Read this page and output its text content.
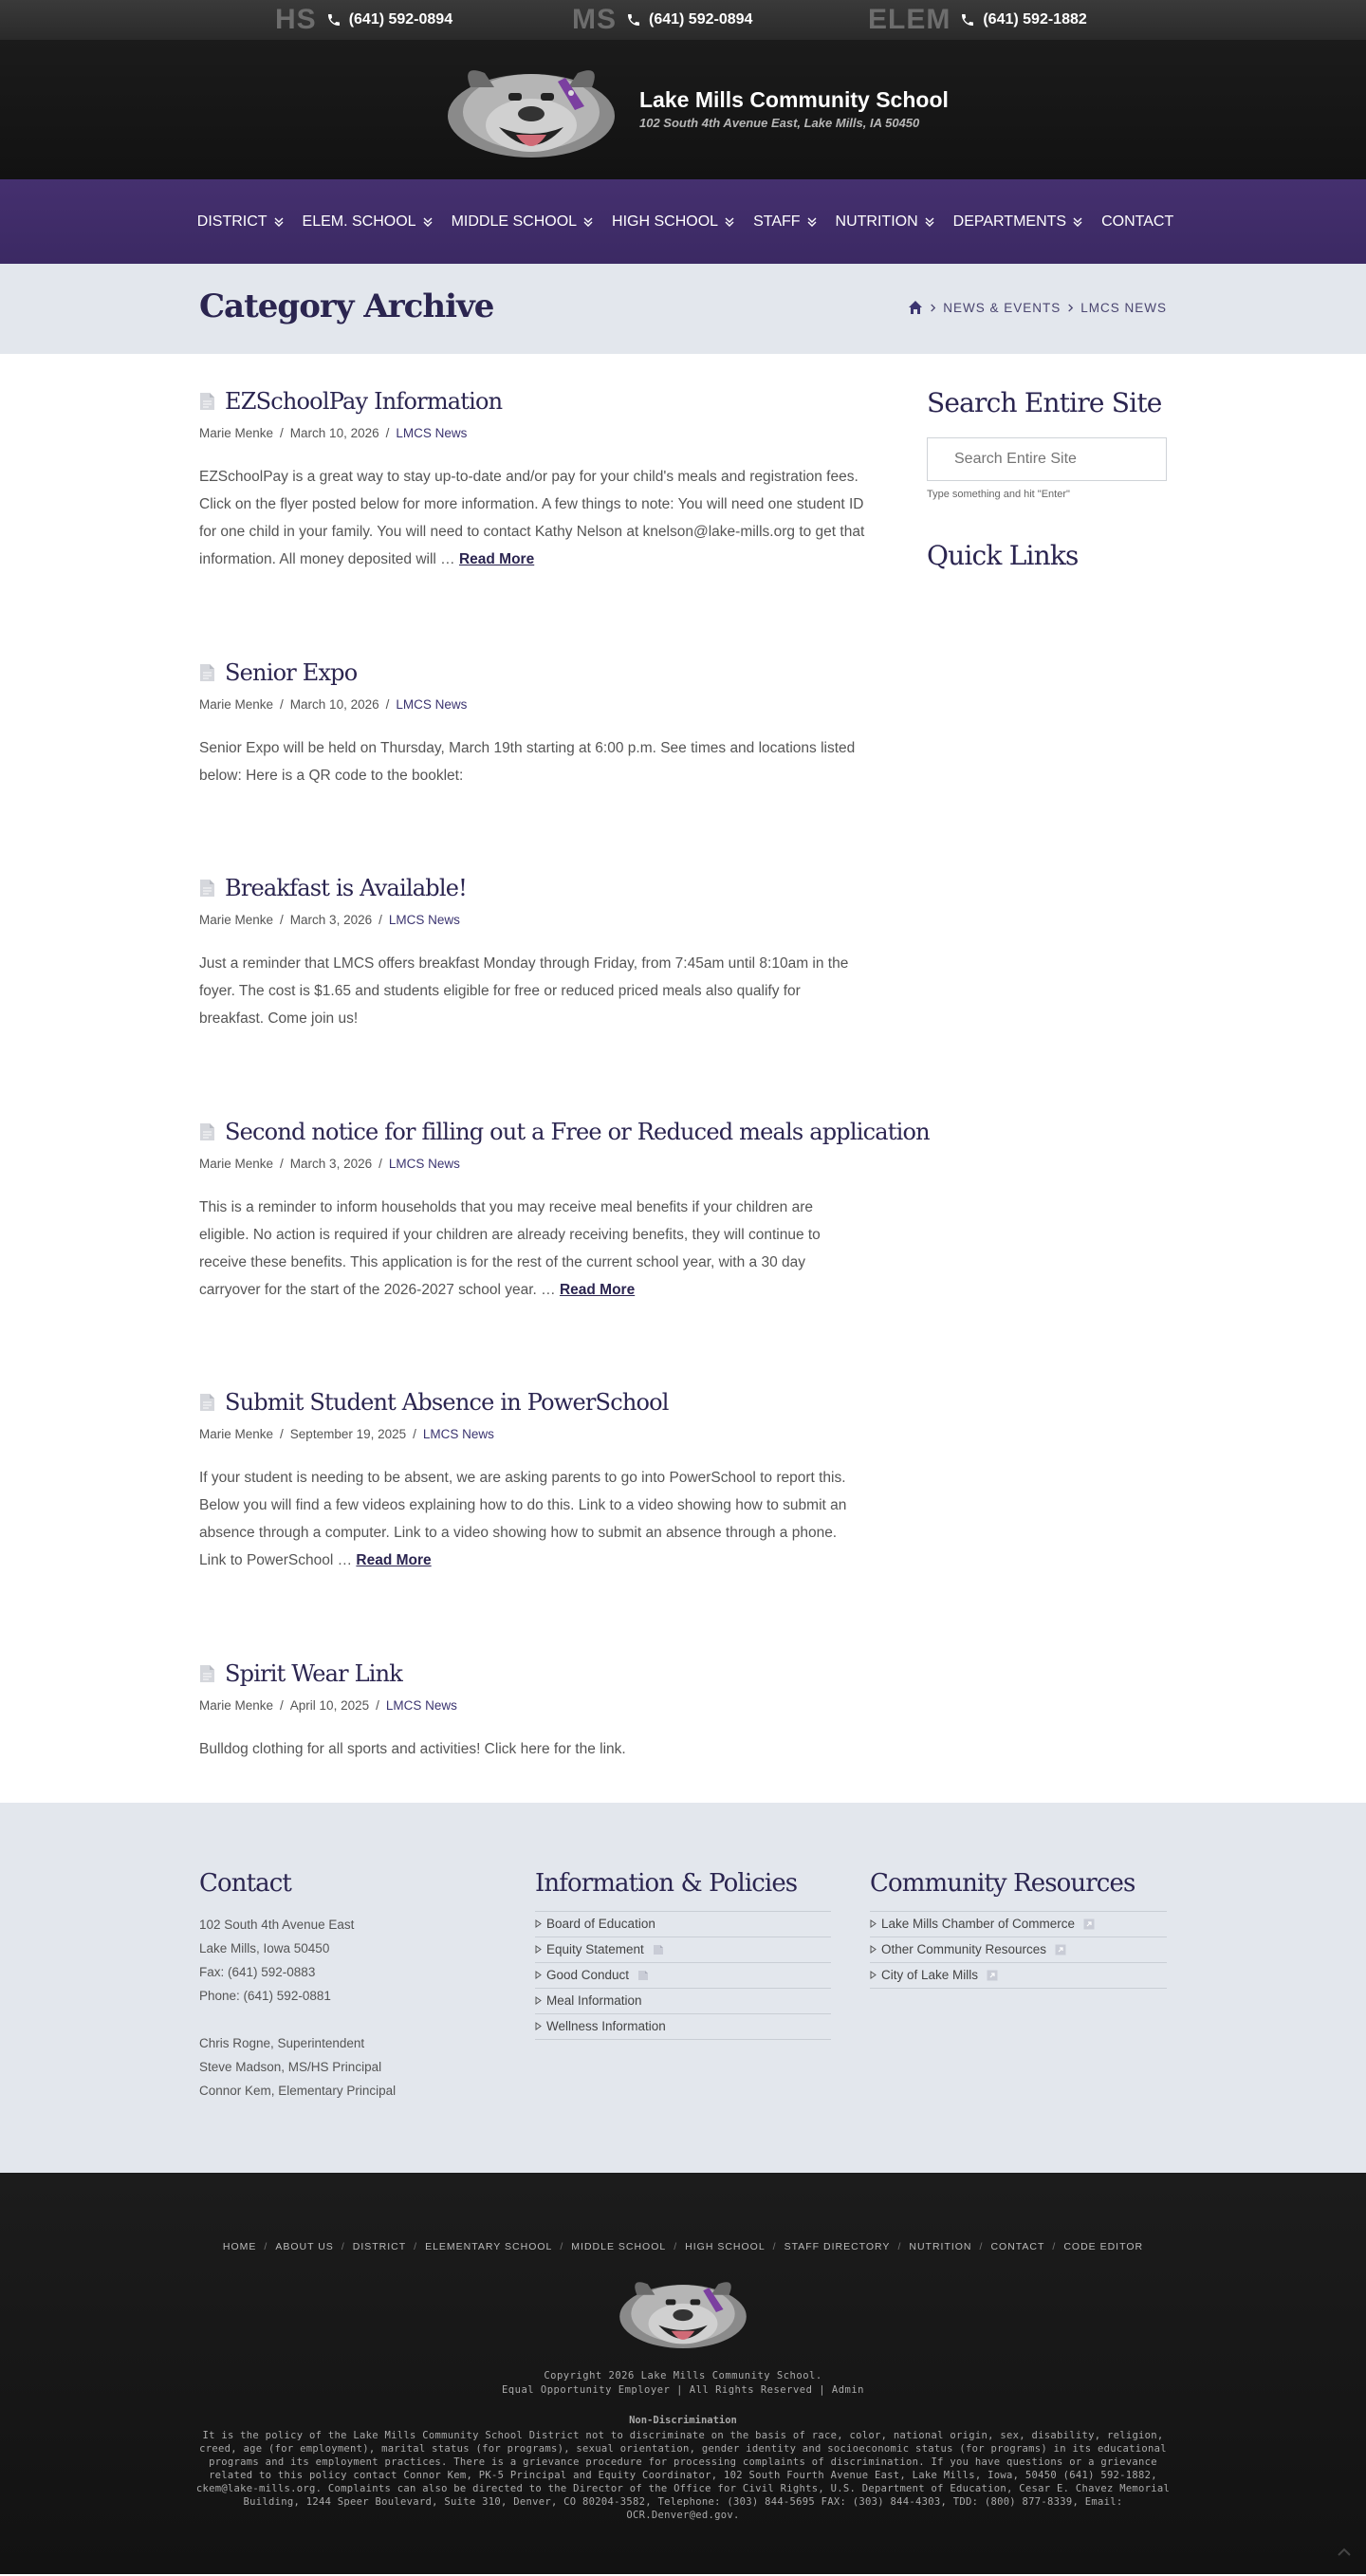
HS (641) 592-0894	MS (641) 592-0894	ELEM (641) 592-1882
Lake Mills Community School
102 South 4th Avenue East, Lake Mills, IA 50450
DISTRICT ELEM. SCHOOL MIDDLE SCHOOL HIGH SCHOOL STAFF NUTRITION DEPARTMENTS CONTACT
Category Archive	NEWS & EVENTS LMCS NEWS
EZSchoolPay Information
Marie Menke / March 10, 2026 / LMCS News

EZSchoolPay is a great way to stay up-to-date and/or pay for your child's meals and registration fees. Click on the flyer posted below for more information. A few things to note: You will need one student ID for one child in your family. You will need to contact Kathy Nelson at knelson@lake-mills.org to get that information. All money deposited will … Read More

Senior Expo
Marie Menke / March 10, 2026 / LMCS News

Senior Expo will be held on Thursday, March 19th starting at 6:00 p.m. See times and locations listed below: Here is a QR code to the booklet:

Breakfast is Available!
Marie Menke / March 3, 2026 / LMCS News

Just a reminder that LMCS offers breakfast Monday through Friday, from 7:45am until 8:10am in the foyer. The cost is $1.65 and students eligible for free or reduced priced meals also qualify for breakfast. Come join us!

Second notice for filling out a Free or Reduced meals application
Marie Menke / March 3, 2026 / LMCS News

This is a reminder to inform households that you may receive meal benefits if your children are eligible. No action is required if your children are already receiving benefits, they will continue to receive these benefits. This application is for the rest of the current school year, with a 30 day carryover for the start of the 2026-2027 school year. … Read More

Submit Student Absence in PowerSchool
Marie Menke / September 19, 2025 / LMCS News

If your student is needing to be absent, we are asking parents to go into PowerSchool to report this. Below you will find a few videos explaining how to do this. Link to a video showing how to submit an absence through a computer. Link to a video showing how to submit an absence through a phone. Link to PowerSchool … Read More

Spirit Wear Link
Marie Menke / April 10, 2025 / LMCS News

Bulldog clothing for all sports and activities! Click here for the link.

Search Entire Site
Search Entire Site
Type something and hit "Enter"
Quick Links
Contact
102 South 4th Avenue East
Lake Mills, Iowa 50450
Fax: (641) 592-0883
Phone: (641) 592-0881
Chris Rogne, Superintendent
Steve Madson, MS/HS Principal
Connor Kem, Elementary Principal
Information & Policies
Board of Education
Equity Statement
Good Conduct
Meal Information
Wellness Information
Community Resources
Lake Mills Chamber of Commerce
Other Community Resources
City of Lake Mills
HOME / ABOUT US / DISTRICT / ELEMENTARY SCHOOL / MIDDLE SCHOOL / HIGH SCHOOL / STAFF DIRECTORY / NUTRITION / CONTACT / CODE EDITOR
Copyright 2026 Lake Mills Community School.
Equal Opportunity Employer | All Rights Reserved | Admin
Non-Discrimination
It is the policy of the Lake Mills Community School District not to discriminate on the basis of race, color, national origin, sex, disability, religion, creed, age (for employment), marital status (for programs), sexual orientation, gender identity and socioeconomic status (for programs) in its educational programs and its employment practices. There is a grievance procedure for processing complaints of discrimination. If you have questions or a grievance related to this policy contact Connor Kem, PK-5 Principal and Equity Coordinator, 102 South Fourth Avenue East, Lake Mills, Iowa, 50450 (641) 592-1882, ckem@lake-mills.org. Complaints can also be directed to the Director of the Office for Civil Rights, U.S. Department of Education, Cesar E. Chavez Memorial Building, 1244 Speer Boulevard, Suite 310, Denver, CO 80204-3582, Telephone: (303) 844-5695 FAX: (303) 844-4303, TDD: (800) 877-8339, Email: OCR.Denver@ed.gov.
